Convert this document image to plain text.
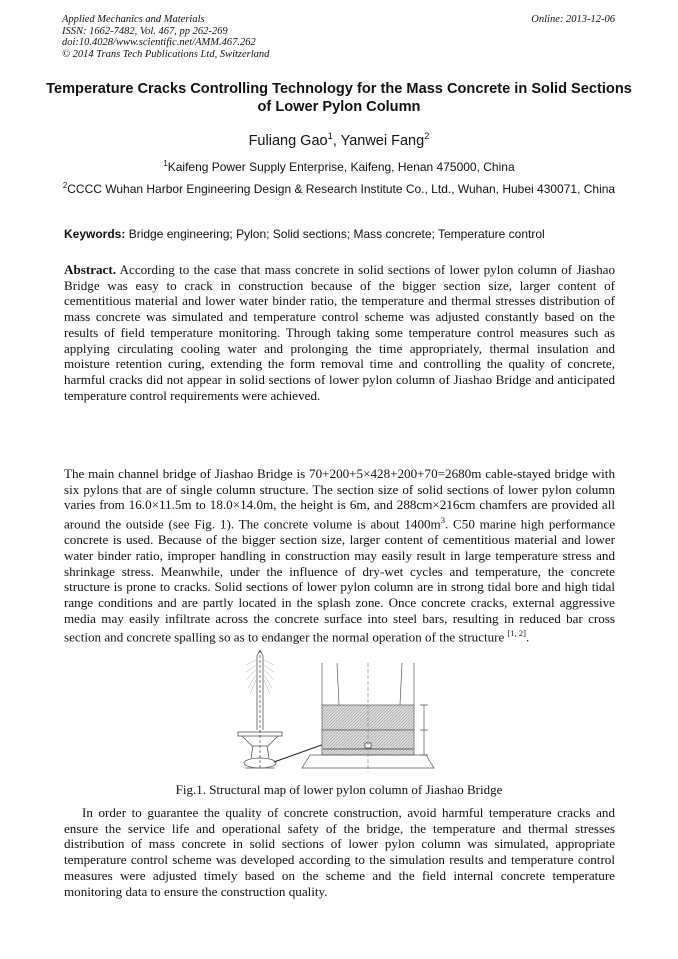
Applied Mechanics and Materials
ISSN: 1662-7482, Vol. 467, pp 262-269
doi:10.4028/www.scientific.net/AMM.467.262
© 2014 Trans Tech Publications Ltd, Switzerland
Online: 2013-12-06
Temperature Cracks Controlling Technology for the Mass Concrete in Solid Sections of Lower Pylon Column
Fuliang Gao$^1$, Yanwei Fang$^2$
$^1$Kaifeng Power Supply Enterprise, Kaifeng, Henan 475000, China
$^2$CCCC Wuhan Harbor Engineering Design & Research Institute Co., Ltd., Wuhan, Hubei 430071, China
Keywords: Bridge engineering; Pylon; Solid sections; Mass concrete; Temperature control
Abstract. According to the case that mass concrete in solid sections of lower pylon column of Jiashao Bridge was easy to crack in construction because of the bigger section size, larger content of cementitious material and lower water binder ratio, the temperature and thermal stresses distribution of mass concrete was simulated and temperature control scheme was adjusted constantly based on the results of field temperature monitoring. Through taking some temperature control measures such as applying circulating cooling water and prolonging the time appropriately, thermal insulation and moisture retention curing, extending the form removal time and controlling the quality of concrete, harmful cracks did not appear in solid sections of lower pylon column of Jiashao Bridge and anticipated temperature control requirements were achieved.
The main channel bridge of Jiashao Bridge is 70+200+5×428+200+70=2680m cable-stayed bridge with six pylons that are of single column structure. The section size of solid sections of lower pylon column varies from 16.0×11.5m to 18.0×14.0m, the height is 6m, and 288cm×216cm chamfers are provided all around the outside (see Fig. 1). The concrete volume is about $1400m^3$. C50 marine high performance concrete is used. Because of the bigger section size, larger content of cementitious material and lower water binder ratio, improper handling in construction may easily result in large temperature stress and shrinkage stress. Meanwhile, under the influence of dry-wet cycles and temperature, the concrete structure is prone to cracks. Solid sections of lower pylon column are in strong tidal bore and high tidal range conditions and are partly located in the splash zone. Once concrete cracks, external aggressive media may easily infiltrate across the concrete surface into steel bars, resulting in reduced bar cross section and concrete spalling so as to endanger the normal operation of the structure [1, 2].
Fig.1. Structural map of lower pylon column of Jiashao Bridge
In order to guarantee the quality of concrete construction, avoid harmful temperature cracks and ensure the service life and operational safety of the bridge, the temperature and thermal stresses distribution of mass concrete in solid sections of lower pylon column was simulated, appropriate temperature control scheme was developed according to the simulation results and temperature control measures were adjusted timely based on the scheme and the field internal concrete temperature monitoring data to ensure the construction quality.
